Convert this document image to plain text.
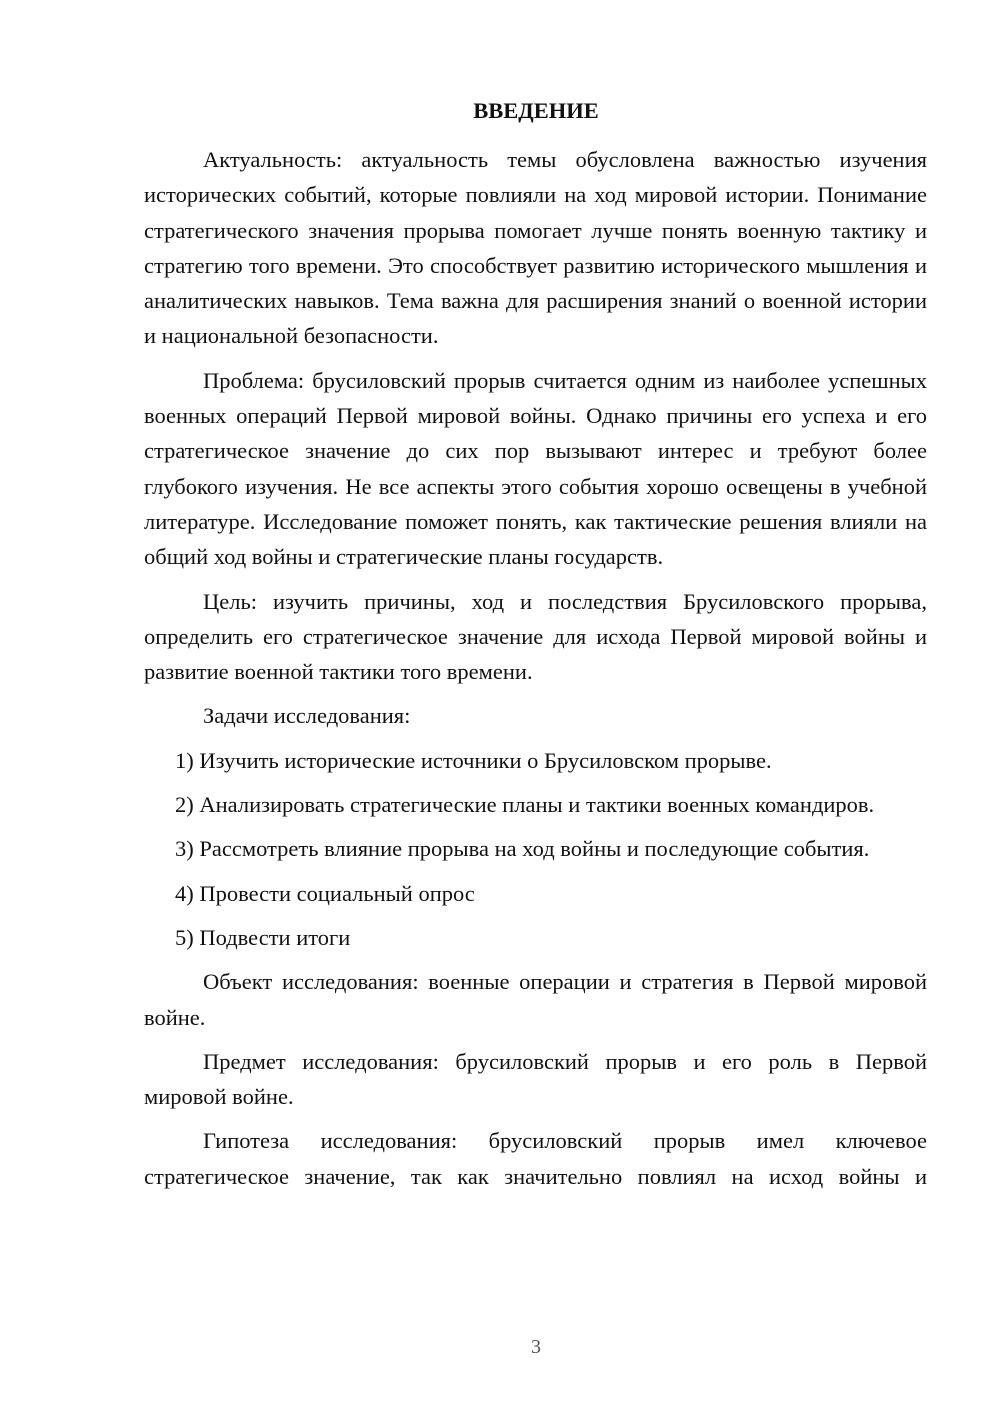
ВВЕДЕНИЕ

Актуальность: актуальность темы обусловлена важностью изучения исторических событий, которые повлияли на ход мировой истории. Понимание стратегического значения прорыва помогает лучше понять военную тактику и стратегию того времени. Это способствует развитию исторического мышления и аналитических навыков. Тема важна для расширения знаний о военной истории и национальной безопасности.

Проблема: брусиловский прорыв считается одним из наиболее успешных военных операций Первой мировой войны. Однако причины его успеха и его стратегическое значение до сих пор вызывают интерес и требуют более глубокого изучения. Не все аспекты этого события хорошо освещены в учебной литературе. Исследование поможет понять, как тактические решения влияли на общий ход войны и стратегические планы государств.

Цель: изучить причины, ход и последствия Брусиловского прорыва, определить его стратегическое значение для исхода Первой мировой войны и развитие военной тактики того времени.

Задачи исследования:

1) Изучить исторические источники о Брусиловском прорыве.

2) Анализировать стратегические планы и тактики военных командиров.

3) Рассмотреть влияние прорыва на ход войны и последующие события.

4) Провести социальный опрос

5) Подвести итоги

Объект исследования: военные операции и стратегия в Первой мировой войне.

Предмет исследования: брусиловский прорыв и его роль в Первой мировой войне.

Гипотеза исследования: брусиловский прорыв имел ключевое стратегическое значение, так как значительно повлиял на исход войны и

3
